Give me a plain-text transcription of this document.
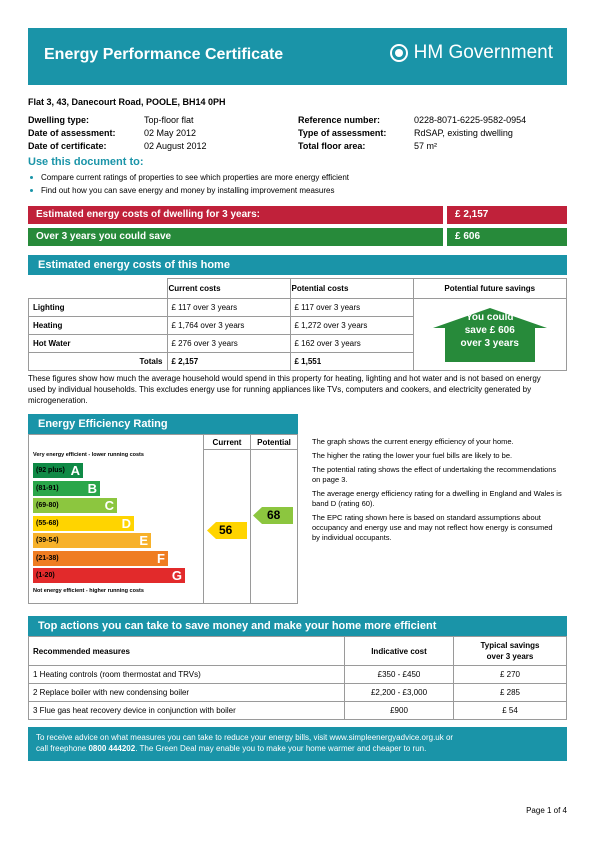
Energy Performance Certificate	HM Government
Flat 3, 43, Danecourt Road, POOLE, BH14 0PH
Dwelling type:	Top-floor flat
Date of assessment:	02 May 2012
Date of certificate:	02 August 2012
Reference number:	0228-8071-6225-9582-0954
Type of assessment:	RdSAP, existing dwelling
Total floor area:	57 m²
Use this document to:
Compare current ratings of properties to see which properties are more energy efficient
Find out how you can save energy and money by installing improvement measures
Estimated energy costs of dwelling for 3 years:	£ 2,157
Over 3 years you could save	£ 606
Estimated energy costs of this home
	Current costs	Potential costs	Potential future savings
Lighting	£ 117 over 3 years	£ 117 over 3 years	You could
save £ 606
over 3 years

Heating	£ 1,764 over 3 years	£ 1,272 over 3 years	
Hot Water	£ 276 over 3 years	£ 162 over 3 years	
Totals	£ 2,157	£ 1,551	
These figures show how much the average household would spend in this property for heating, lighting and hot water and is not based on energy used by individual households. This excludes energy use for running appliances like TVs, computers and cookers, and electricity generated by microgeneration.
Energy Efficiency Rating
Current	Potential
Very energy efficient - lower running costs
(92 plus) A
(81-91) B
(69-80)	C
(55-68)	D
(39-54)	E
(21-38)	F
(1-20)	G
Not energy efficient - higher running costs
56
68
The graph shows the current energy efficiency of your home.
The higher the rating the lower your fuel bills are likely to be.
The potential rating shows the effect of undertaking the recommendations on page 3.
The average energy efficiency rating for a dwelling in England and Wales is band D (rating 60).
The EPC rating shown here is based on standard assumptions about occupancy and energy use and may not reflect how energy is consumed by individual occupants.
Top actions you can take to save money and make your home more efficient
Recommended measures	Indicative cost	Typical savings
over 3 years

1 Heating controls (room thermostat and TRVs)	£350 - £450	£ 270
2 Replace boiler with new condensing boiler	£2,200 - £3,000	£ 285
3 Flue gas heat recovery device in conjunction with boiler	£900	£ 54
To receive advice on what measures you can take to reduce your energy bills, visit www.simpleenergyadvice.org.uk or
call freephone 0800 444202. The Green Deal may enable you to make your home warmer and cheaper to run.
Page 1 of 4
